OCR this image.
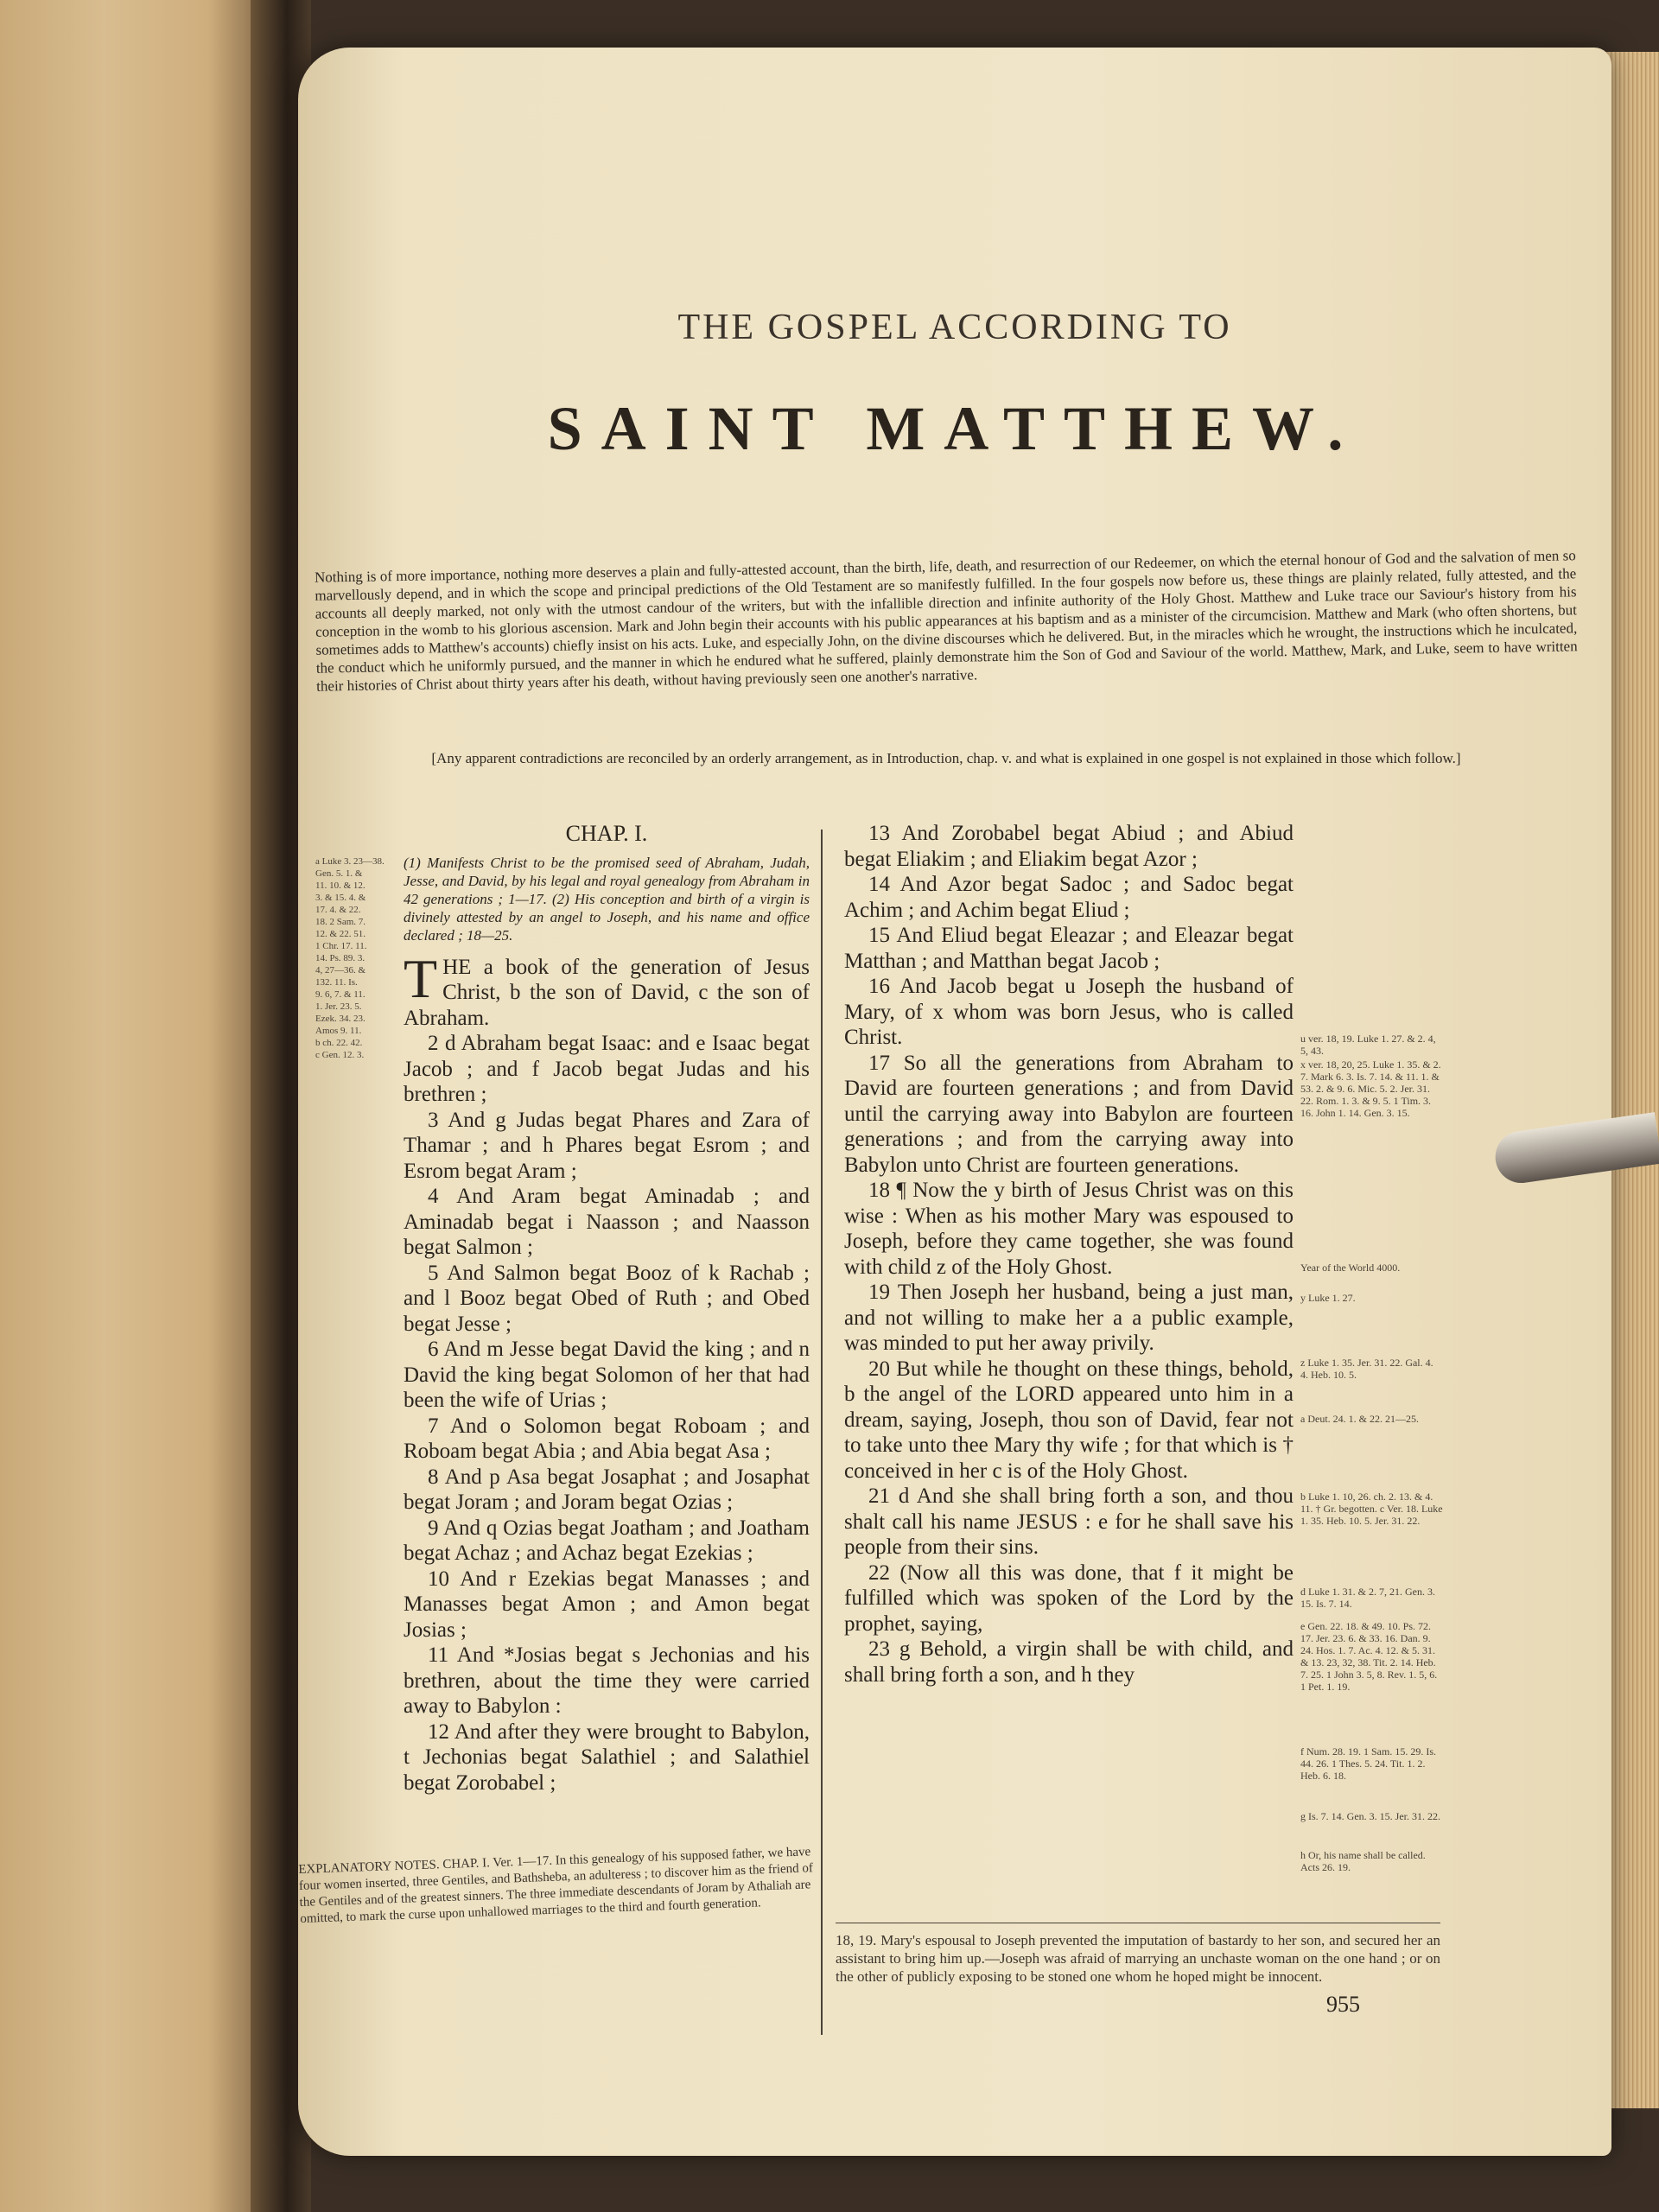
THE GOSPEL ACCORDING TO
SAINT MATTHEW.
Nothing is of more importance, nothing more deserves a plain and fully-attested account, than the birth, life, death, and resurrection of our Redeemer, on which the eternal honour of God and the salvation of men so marvellously depend, and in which the scope and principal predictions of the Old Testament are so manifestly fulfilled. In the four gospels now before us, these things are plainly related, fully attested, and the accounts all deeply marked, not only with the utmost candour of the writers, but with the infallible direction and infinite authority of the Holy Ghost. Matthew and Luke trace our Saviour's history from his conception in the womb to his glorious ascension. Mark and John begin their accounts with his public appearances at his baptism and as a minister of the circumcision. Matthew and Mark (who often shortens, but sometimes adds to Matthew's accounts) chiefly insist on his acts. Luke, and especially John, on the divine discourses which he delivered. But, in the miracles which he wrought, the instructions which he inculcated, the conduct which he uniformly pursued, and the manner in which he endured what he suffered, plainly demonstrate him the Son of God and Saviour of the world. Matthew, Mark, and Luke, seem to have written their histories of Christ about thirty years after his death, without having previously seen one another's narrative.
[Any apparent contradictions are reconciled by an orderly arrangement, as in Introduction, chap. v. and what is explained in one gospel is not explained in those which follow.]
a Luke 3. 23—38.
Gen. 5. 1. &
11. 10. & 12.
3. & 15. 4. &
17. 4. & 22.
18. 2 Sam. 7.
12. & 22. 51.
1 Chr. 17. 11.
14. Ps. 89. 3.
4, 27—36. &
132. 11. Is.
9. 6, 7. & 11.
1. Jer. 23. 5.
Ezek. 34. 23.
Amos 9. 11.
b ch. 22. 42.
c Gen. 12. 3.
CHAP. I.
(1) Manifests Christ to be the promised seed of Abraham, Judah, Jesse, and David, by his legal and royal genealogy from Abraham in 42 generations ; 1—17. (2) His conception and birth of a virgin is divinely attested by an angel to Joseph, and his name and office declared ; 18—25.

THE a book of the generation of Jesus Christ, b the son of David, c the son of Abraham.

2 d Abraham begat Isaac: and e Isaac begat Jacob ; and f Jacob begat Judas and his brethren ;

3 And g Judas begat Phares and Zara of Thamar ; and h Phares begat Esrom ; and Esrom begat Aram ;

4 And Aram begat Aminadab ; and Aminadab begat i Naasson ; and Naasson begat Salmon ;

5 And Salmon begat Booz of k Rachab ; and l Booz begat Obed of Ruth ; and Obed begat Jesse ;

6 And m Jesse begat David the king ; and n David the king begat Solomon of her that had been the wife of Urias ;

7 And o Solomon begat Roboam ; and Roboam begat Abia ; and Abia begat Asa ;

8 And p Asa begat Josaphat ; and Josaphat begat Joram ; and Joram begat Ozias ;

9 And q Ozias begat Joatham ; and Joatham begat Achaz ; and Achaz begat Ezekias ;

10 And r Ezekias begat Manasses ; and Manasses begat Amon ; and Amon begat Josias ;

11 And *Josias begat s Jechonias and his brethren, about the time they were carried away to Babylon :

12 And after they were brought to Babylon, t Jechonias begat Salathiel ; and Salathiel begat Zorobabel ;

13 And Zorobabel begat Abiud ; and Abiud begat Eliakim ; and Eliakim begat Azor ;

14 And Azor begat Sadoc ; and Sadoc begat Achim ; and Achim begat Eliud ;

15 And Eliud begat Eleazar ; and Eleazar begat Matthan ; and Matthan begat Jacob ;

16 And Jacob begat u Joseph the husband of Mary, of x whom was born Jesus, who is called Christ.

17 So all the generations from Abraham to David are fourteen generations ; and from David until the carrying away into Babylon are fourteen generations ; and from the carrying away into Babylon unto Christ are fourteen generations.

18 ¶ Now the y birth of Jesus Christ was on this wise : When as his mother Mary was espoused to Joseph, before they came together, she was found with child z of the Holy Ghost.

19 Then Joseph her husband, being a just man, and not willing to make her a a public example, was minded to put her away privily.

20 But while he thought on these things, behold, b the angel of the LORD appeared unto him in a dream, saying, Joseph, thou son of David, fear not to take unto thee Mary thy wife ; for that which is † conceived in her c is of the Holy Ghost.

21 d And she shall bring forth a son, and thou shalt call his name JESUS : e for he shall save his people from their sins.

22 (Now all this was done, that f it might be fulfilled which was spoken of the Lord by the prophet, saying,

23 g Behold, a virgin shall be with child, and shall bring forth a son, and h they

u ver. 18, 19. Luke 1. 27. & 2. 4, 5, 43.
x ver. 18, 20, 25. Luke 1. 35. & 2. 7. Mark 6. 3. Is. 7. 14. & 11. 1. & 53. 2. & 9. 6. Mic. 5. 2. Jer. 31. 22. Rom. 1. 3. & 9. 5. 1 Tim. 3. 16. John 1. 14. Gen. 3. 15.
Year of the World 4000.
y Luke 1. 27.
z Luke 1. 35. Jer. 31. 22. Gal. 4. 4. Heb. 10. 5.
a Deut. 24. 1. & 22. 21—25.
b Luke 1. 10, 26. ch. 2. 13. & 4. 11. † Gr. begotten. c Ver. 18. Luke 1. 35. Heb. 10. 5. Jer. 31. 22.
d Luke 1. 31. & 2. 7, 21. Gen. 3. 15. Is. 7. 14.
e Gen. 22. 18. & 49. 10. Ps. 72. 17. Jer. 23. 6. & 33. 16. Dan. 9. 24. Hos. 1. 7. Ac. 4. 12. & 5. 31. & 13. 23, 32, 38. Tit. 2. 14. Heb. 7. 25. 1 John 3. 5, 8. Rev. 1. 5, 6. 1 Pet. 1. 19.
f Num. 28. 19. 1 Sam. 15. 29. Is. 44. 26. 1 Thes. 5. 24. Tit. 1. 2. Heb. 6. 18.
g Is. 7. 14. Gen. 3. 15. Jer. 31. 22.
h Or, his name shall be called. Acts 26. 19.
EXPLANATORY NOTES. CHAP. I. Ver. 1—17. In this genealogy of his supposed father, we have four women inserted, three Gentiles, and Bathsheba, an adulteress ; to discover him as the friend of the Gentiles and of the greatest sinners. The three immediate descendants of Joram by Athaliah are omitted, to mark the curse upon unhallowed marriages to the third and fourth generation.
18, 19. Mary's espousal to Joseph prevented the imputation of bastardy to her son, and secured her an assistant to bring him up.—Joseph was afraid of marrying an unchaste woman on the one hand ; or on the other of publicly exposing to be stoned one whom he hoped might be innocent.
955
